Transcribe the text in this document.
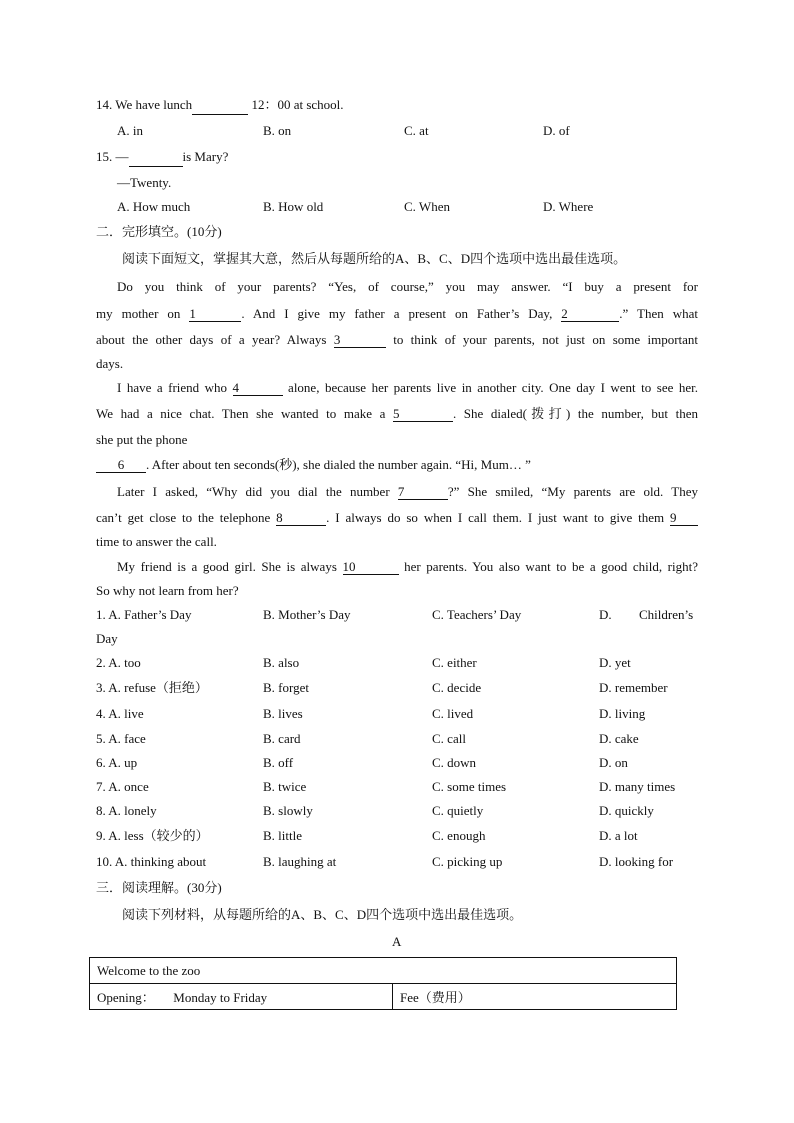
14. We have lunch	12：00 at school.
A. in	B. on	C. at	D. of
15. —	is Mary?
—Twenty.
A. How much	B. How old	C. When	D. Where
二．完形填空。(10分)
阅读下面短文，掌握其大意，然后从每题所给的A、B、C、D四个选项中选出最佳选项。
Do you think of your parents? “Yes, of course,” you may answer. “I buy a present for
my mother on 1	. And I give my father a present on Father’s Day, 2	.” Then what
about the other days of a year? Always 3	to think of your parents, not just on some important
days.
I have a friend who 4	alone, because her parents live in another city. One day I went to see her.
We had a nice chat. Then she wanted to make a 5	. She dialed(拨打) the number, but then
she put the phone
6 . After about ten seconds(秒), she dialed the number again. “Hi, Mum… ”
Later I asked, “Why did you dial the number 7	?” She smiled, “My parents are old. They
can’t get close to the telephone 8	. I always do so when I call them. I just want to give them 9
time to answer the call.
My friend is a good girl. She is always 10	her parents. You also want to be a good child, right?
So why not learn from her?
1. A. Father’s Day	B. Mother’s Day	C. Teachers’ Day	D. Children’s
Day
2. A. too	B. also	C. either	D. yet
3. A. refuse（拒绝）	B. forget	C. decide	D. remember
4. A. live	B. lives	C. lived	D. living
5. A. face	B. card	C. call	D. cake
6. A. up	B. off	C. down	D. on
7. A. once	B. twice	C. some times	D. many times
8. A. lonely	B. slowly	C. quietly	D. quickly
9. A. less（较少的）	B. little	C. enough	D. a lot
10. A. thinking about	B. laughing at	C. picking up	D. looking for
三．阅读理解。(30分)
阅读下列材料，从每题所给的A、B、C、D四个选项中选出最佳选项。
A
Welcome to the zoo
Opening： Monday to Friday	Fee（费用）
